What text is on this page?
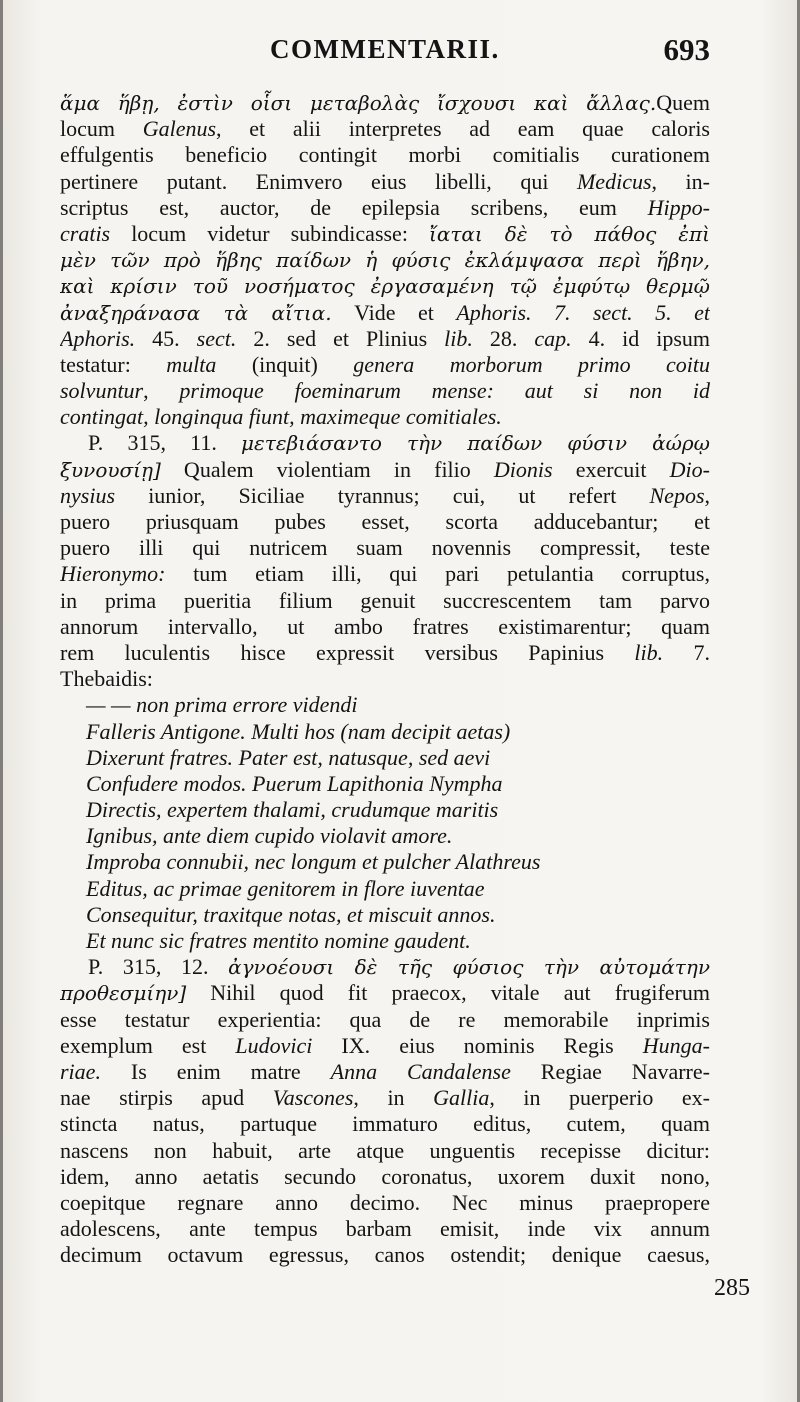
COMMENTARII.	693
ἅμα ἥβῃ, ἐστὶν οἷσι μεταβολὰς ἴσχουσι καὶ ἄλλας.Quem
locum Galenus, et alii interpretes ad eam quae caloris
effulgentis beneficio contingit morbi comitialis curationem
pertinere putant. Enimvero eius libelli, qui Medicus, in-
scriptus est, auctor, de epilepsia scribens, eum Hippo-
cratis locum videtur subindicasse: ἴαται δὲ τὸ πάθος ἐπὶ
μὲν τῶν πρὸ ἥβης παίδων ἡ φύσις ἐκλάμψασα περὶ ἥβην,
καὶ κρίσιν τοῦ νοσήματος ἐργασαμένη τῷ ἐμφύτῳ θερμῷ
ἀναξηράνασα τὰ αἴτια. Vide et Aphoris. 7. sect. 5. et
Aphoris. 45. sect. 2. sed et Plinius lib. 28. cap. 4. id ipsum
testatur: multa (inquit) genera morborum primo coitu
solvuntur, primoque foeminarum mense: aut si non id
contingat, longinqua fiunt, maximeque comitiales.
P. 315, 11. μετεβιάσαντο τὴν παίδων φύσιν ἀώρῳ
ξυνουσίῃ] Qualem violentiam in filio Dionis exercuit Dio-
nysius iunior, Siciliae tyrannus; cui, ut refert Nepos,
puero priusquam pubes esset, scorta adducebantur; et
puero illi qui nutricem suam novennis compressit, teste
Hieronymo: tum etiam illi, qui pari petulantia corruptus,
in prima pueritia filium genuit succrescentem tam parvo
annorum intervallo, ut ambo fratres existimarentur; quam
rem luculentis hisce expressit versibus Papinius lib. 7.
Thebaidis:
— — non prima errore videndi
Falleris Antigone. Multi hos (nam decipit aetas)
Dixerunt fratres. Pater est, natusque, sed aevi
Confudere modos. Puerum Lapithonia Nympha
Directis, expertem thalami, crudumque maritis
Ignibus, ante diem cupido violavit amore.
Improba connubii, nec longum et pulcher Alathreus
Editus, ac primae genitorem in flore iuventae
Consequitur, traxitque notas, et miscuit annos.
Et nunc sic fratres mentito nomine gaudent.
P. 315, 12. ἀγνοέουσι δὲ τῆς φύσιος τὴν αὐτομάτην
προθεσμίην] Nihil quod fit praecox, vitale aut frugiferum
esse testatur experientia: qua de re memorabile inprimis
exemplum est Ludovici IX. eius nominis Regis Hunga-
riae. Is enim matre Anna Candalense Regiae Navarre-
nae stirpis apud Vascones, in Gallia, in puerperio ex-
stincta natus, partuque immaturo editus, cutem, quam
nascens non habuit, arte atque unguentis recepisse dicitur:
idem, anno aetatis secundo coronatus, uxorem duxit nono,
coepitque regnare anno decimo. Nec minus praepropere
adolescens, ante tempus barbam emisit, inde vix annum
decimum octavum egressus, canos ostendit; denique caesus,
285
